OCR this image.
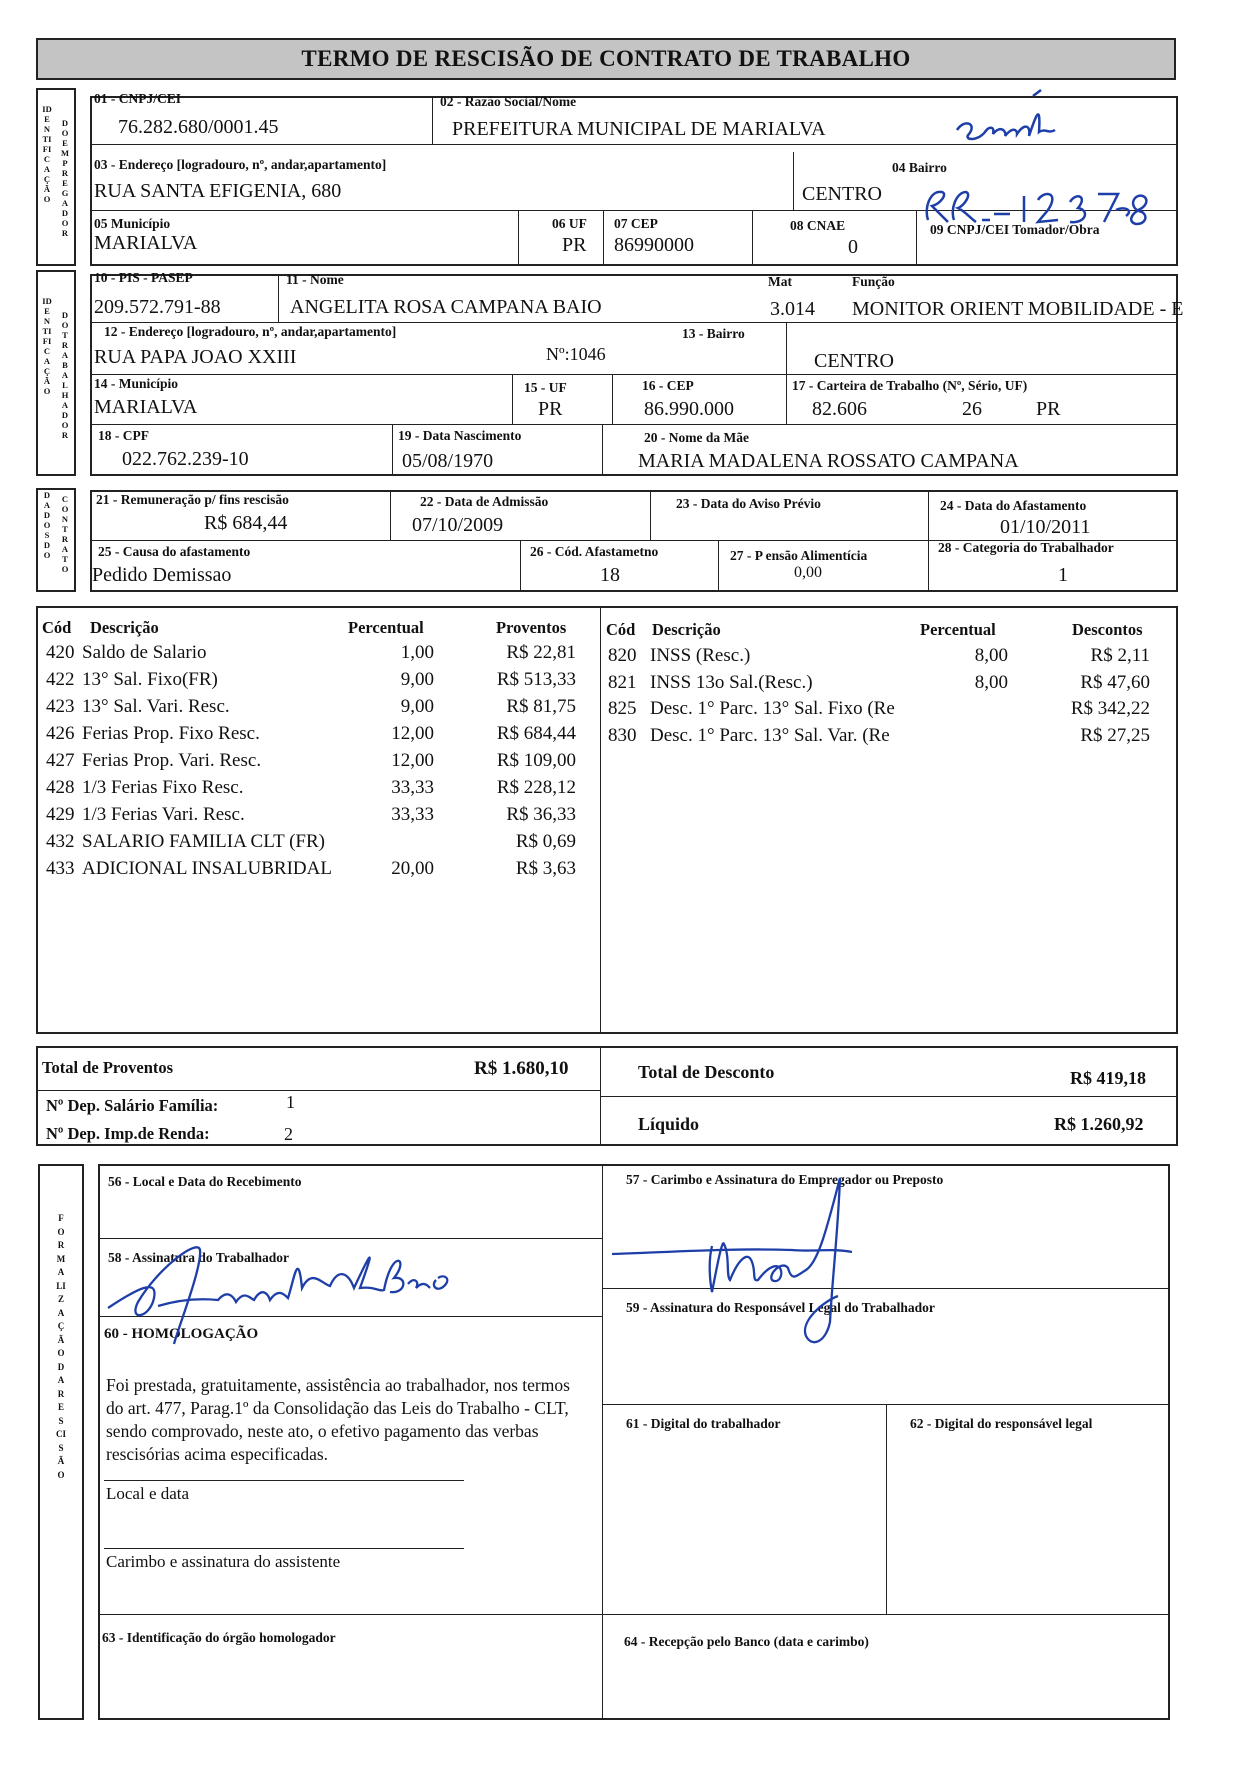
TERMO DE RESCISÃO DE CONTRATO DE TRABALHO
IDENTIFICAÇÃO
DO EMPREGADOR
01 - CNPJ/CEI
76.282.680/0001.45
02 - Razão Social/Nome
PREFEITURA MUNICIPAL DE MARIALVA
03 - Endereço [logradouro, nº, andar,apartamento]
RUA SANTA EFIGENIA, 680
04 Bairro
CENTRO
05 Município
MARIALVA
06 UF
PR
07 CEP
86990000
08 CNAE
0
09 CNPJ/CEI Tomador/Obra
IDENTIFICAÇÃO
DO TRABALHADOR
10 - PIS - PASEP
209.572.791-88
11 - Nome
ANGELITA ROSA CAMPANA BAIO
Mat
3.014
Função
MONITOR ORIENT MOBILIDADE - E
12 - Endereço [logradouro, nº, andar,apartamento]
RUA PAPA JOAO XXIII	Nº:1046
13 - Bairro
CENTRO
14 - Município
MARIALVA
15 - UF
PR
16 - CEP
86.990.000
17 - Carteira de Trabalho (Nº, Sério, UF)
82.606	26	PR
18 - CPF
022.762.239-10
19 - Data Nascimento
05/08/1970
20 - Nome da Mãe
MARIA MADALENA ROSSATO CAMPANA
DADOS DO
CONTRATO
21 - Remuneração p/ fins rescisão
R$ 684,44
22 - Data de Admissão
07/10/2009
23 - Data do Aviso Prévio	24 - Data do Afastamento
01/10/2011
25 - Causa do afastamento
Pedido Demissao
26 - Cód. Afastametno
18
27 - P ensão Alimentícia
0,00
28 - Categoria do Trabalhador
1
Cód Descrição	Percentual	Proventos
420 Saldo de Salario	1,00	R$ 22,81
422 13° Sal. Fixo(FR)	9,00	R$ 513,33
423 13° Sal. Vari. Resc.	9,00	R$ 81,75
426 Ferias Prop. Fixo Resc.	12,00	R$ 684,44
427 Ferias Prop. Vari. Resc.	12,00	R$ 109,00
428 1/3 Ferias Fixo Resc.	33,33	R$ 228,12
429 1/3 Ferias Vari. Resc.	33,33	R$ 36,33
432 SALARIO FAMILIA CLT (FR)	R$ 0,69
433 ADICIONAL INSALUBRIDAL	20,00	R$ 3,63
Cód Descrição	Percentual	Descontos
820 INSS (Resc.)	8,00	R$ 2,11
821 INSS 13o Sal.(Resc.)	8,00	R$ 47,60
825 Desc. 1° Parc. 13° Sal. Fixo (Re	R$ 342,22
830 Desc. 1° Parc. 13° Sal. Var. (Re	R$ 27,25
Total de Proventos	R$ 1.680,10	Total de Desconto	R$ 419,18
Nº Dep. Salário Família:	1
Nº Dep. Imp.de Renda:	2	Líquido	R$ 1.260,92
FORMALIZAÇÃO DA RESCISÃO
56 - Local e Data do Recebimento	57 - Carimbo e Assinatura do Empregador ou Preposto
58 - Assinatura do Trabalhador
59 - Assinatura do Responsável Legal do Trabalhador
60 - HOMOLOGAÇÃO
Foi prestada, gratuitamente, assistência ao trabalhador, nos termos do art. 477, Parag.1º da Consolidação das Leis do Trabalho - CLT, sendo comprovado, neste ato, o efetivo pagamento das verbas rescisórias acima especificadas.
Local e data
Carimbo e assinatura do assistente
61 - Digital do trabalhador	62 - Digital do responsável legal
63 - Identificação do órgão homologador	64 - Recepção pelo Banco (data e carimbo)
